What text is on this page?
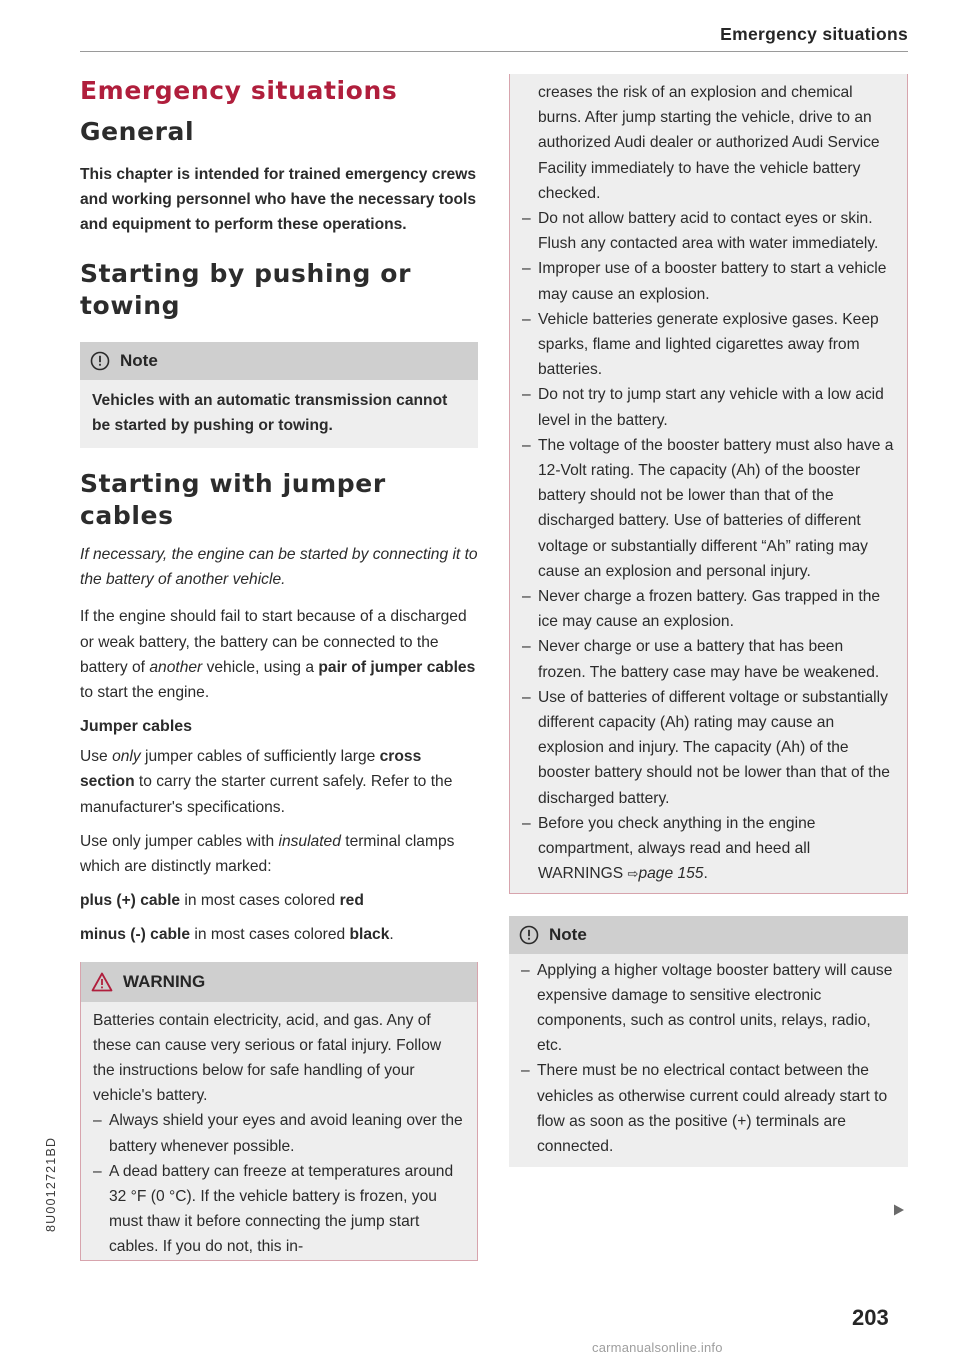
Emergency situations
Emergency situations
General

This chapter is intended for trained emergency crews and working personnel who have the necessary tools and equipment to perform these operations.

Starting by pushing or towing
Note

Vehicles with an automatic transmission cannot be started by pushing or towing.

Starting with jumper cables

If necessary, the engine can be started by connecting it to the battery of another vehicle.

If the engine should fail to start because of a discharged or weak battery, the battery can be connected to the battery of another vehicle, using a pair of jumper cables to start the engine.

Jumper cables

Use only jumper cables of sufficiently large cross section to carry the starter current safely. Refer to the manufacturer's specifications.

Use only jumper cables with insulated terminal clamps which are distinctly marked:

plus (+) cable in most cases colored red

minus (-) cable in most cases colored black.

WARNING

Batteries contain electricity, acid, and gas. Any of these can cause very serious or fatal injury. Follow the instructions below for safe handling of your vehicle's battery.

– Always shield your eyes and avoid leaning over the battery whenever possible.
– A dead battery can freeze at temperatures around 32 °F (0 °C). If the vehicle battery is frozen, you must thaw it before connecting the jump start cables. If you do not, this in-

creases the risk of an explosion and chemical burns. After jump starting the vehicle, drive to an authorized Audi dealer or authorized Audi Service Facility immediately to have the vehicle battery checked.

– Do not allow battery acid to contact eyes or skin. Flush any contacted area with water immediately.
– Improper use of a booster battery to start a vehicle may cause an explosion.
– Vehicle batteries generate explosive gases. Keep sparks, flame and lighted cigarettes away from batteries.
– Do not try to jump start any vehicle with a low acid level in the battery.
– The voltage of the booster battery must also have a 12-Volt rating. The capacity (Ah) of the booster battery should not be lower than that of the discharged battery. Use of batteries of different voltage or substantially different “Ah” rating may cause an explosion and personal injury.
– Never charge a frozen battery. Gas trapped in the ice may cause an explosion.
– Never charge or use a battery that has been frozen. The battery case may have be weakened.
– Use of batteries of different voltage or substantially different capacity (Ah) rating may cause an explosion and injury. The capacity (Ah) of the booster battery should not be lower than that of the discharged battery.
– Before you check anything in the engine compartment, always read and heed all WARNINGS ⇨page 155.
Note
– Applying a higher voltage booster battery will cause expensive damage to sensitive electronic components, such as control units, relays, radio, etc.
– There must be no electrical contact between the vehicles as otherwise current could already start to flow as soon as the positive (+) terminals are connected.
8U0012721BD
203
carmanualsonline.info
